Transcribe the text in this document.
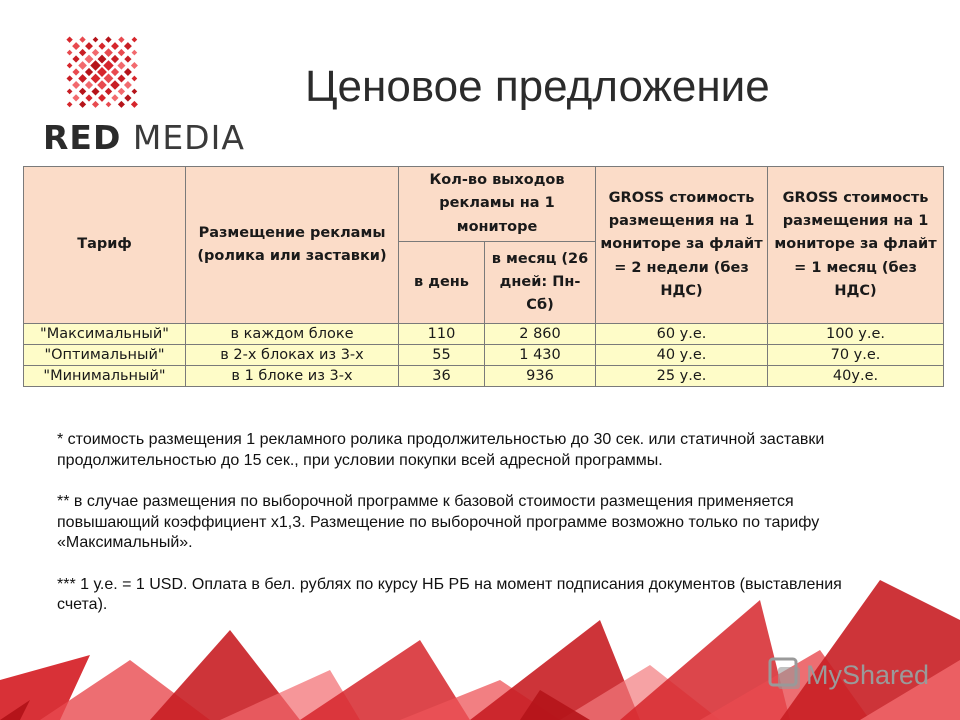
RED MEDIA
Ценовое предложение
Тариф	Размещение рекламы (ролика или заставки)	Кол-во выходов рекламы на 1 мониторе		GROSS стоимость размещения на 1 мониторе за флайт = 2 недели (без НДС)	GROSS стоимость размещения на 1 мониторе за флайт = 1 месяц (без НДС)
		в день	в месяц (26 дней: Пн-Сб)		
"Максимальный"	в каждом блоке	110	2 860	60 у.е.	100 у.е.
"Оптимальный"	в 2-х блоках из 3-х	55	1 430	40 у.е.	70 у.е.
"Минимальный"	в 1 блоке из 3-х	36	936	25 у.е.	40у.е.

* стоимость размещения 1 рекламного ролика продолжительностью до 30 сек. или статичной заставки продолжительностью до 15 сек., при условии покупки всей адресной программы.

** в случае размещения по выборочной программе к базовой стоимости размещения применяется повышающий коэффициент х1,3. Размещение по выборочной программе возможно только по тарифу «Максимальный».

*** 1 у.е. = 1 USD. Оплата в бел. рублях по курсу НБ РБ на момент подписания документов (выставления счета).

MyShared
